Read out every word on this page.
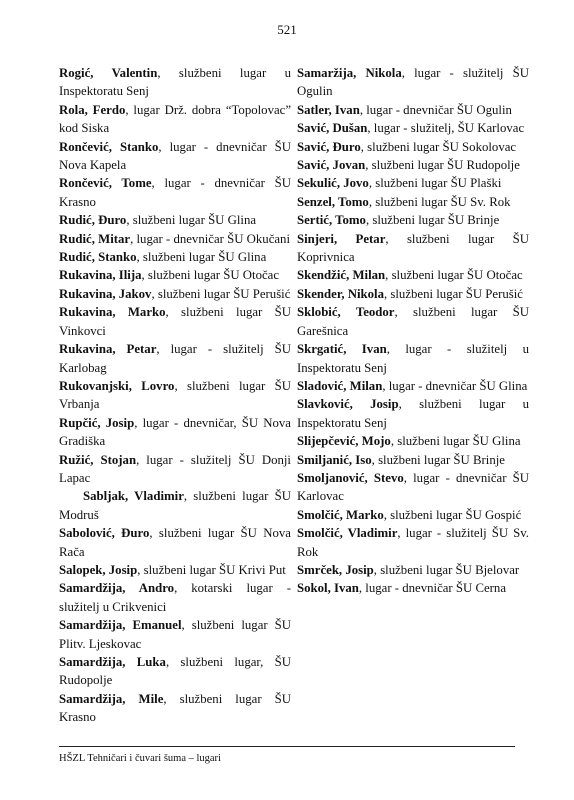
521
Rogić, Valentin, službeni lugar u Inspektoratu Senj
Rola, Ferdo, lugar Drž. dobra “Topolovac” kod Siska
Rončević, Stanko, lugar - dnevničar ŠU Nova Kapela
Rončević, Tome, lugar - dnevničar ŠU Krasno
Rudić, Đuro, službeni lugar ŠU Glina
Rudić, Mitar, lugar - dnevničar ŠU Okučani
Rudić, Stanko, službeni lugar ŠU Glina
Rukavina, Ilija, službeni lugar ŠU Otočac
Rukavina, Jakov, službeni lugar ŠU Perušić
Rukavina, Marko, službeni lugar ŠU Vinkovci
Rukavina, Petar, lugar - služitelj ŠU Karlobag
Rukovanjski, Lovro, službeni lugar ŠU Vrbanja
Rupčić, Josip, lugar - dnevničar, ŠU Nova Gradiška
Ružić, Stojan, lugar - služitelj ŠU Donji Lapac
Sabljak, Vladimir, službeni lugar ŠU Modruš
Sabolović, Đuro, službeni lugar ŠU Nova Rača
Salopek, Josip, službeni lugar ŠU Krivi Put
Samardžija, Andro, kotarski lugar - služitelj u Crikvenici
Samardžija, Emanuel, službeni lugar ŠU Plitv. Ljeskovac
Samardžija, Luka, službeni lugar, ŠU Rudopolje
Samardžija, Mile, službeni lugar ŠU Krasno
Samaržija, Nikola, lugar - služitelj ŠU Ogulin
Satler, Ivan, lugar - dnevničar ŠU Ogulin
Savić, Dušan, lugar - služitelj, ŠU Karlovac
Savić, Đuro, službeni lugar ŠU Sokolovac
Savić, Jovan, službeni lugar ŠU Rudopolje
Sekulić, Jovo, službeni lugar ŠU Plaški
Senzel, Tomo, službeni lugar ŠU Sv. Rok
Sertić, Tomo, službeni lugar ŠU Brinje
Sinjeri, Petar, službeni lugar ŠU Koprivnica
Skendžić, Milan, službeni lugar ŠU Otočac
Skender, Nikola, službeni lugar ŠU Perušić
Sklobić, Teodor, službeni lugar ŠU Garešnica
Skrgatić, Ivan, lugar - služitelj u Inspektoratu Senj
Sladović, Milan, lugar - dnevničar ŠU Glina
Slavković, Josip, službeni lugar u Inspektoratu Senj
Slijepčević, Mojo, službeni lugar ŠU Glina
Smiljanić, Iso, službeni lugar ŠU Brinje
Smoljanović, Stevo, lugar - dnevničar ŠU Karlovac
Smolčić, Marko, službeni lugar ŠU Gospić
Smolčić, Vladimir, lugar - služitelj ŠU Sv. Rok
Smrček, Josip, službeni lugar ŠU Bjelovar
Sokol, Ivan, lugar - dnevničar ŠU Cerna
HŠZL Tehničari i čuvari šuma – lugari
